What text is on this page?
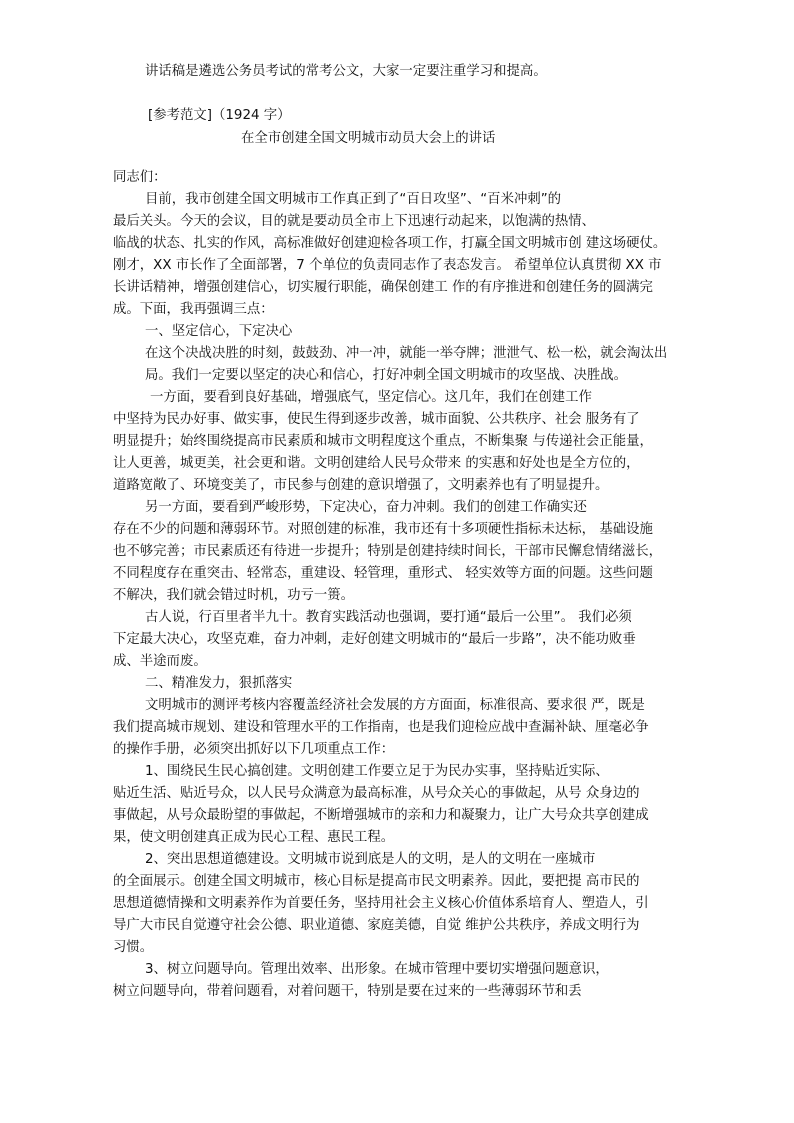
讲话稿是遴选公务员考试的常考公文，大家一定要注重学习和提高。
[参考范文]（1924 字）
在全市创建全国文明城市动员大会上的讲话
同志们：
目前，我市创建全国文明城市工作真正到了“百日攻坚”、“百米冲刺”的
最后关头。今天的会议，目的就是要动员全市上下迅速行动起来，以饱满的热情、
临战的状态、扎实的作风，高标准做好创建迎检各项工作，打赢全国文明城市创 建这场硬仗。
刚才，XX 市长作了全面部署，7 个单位的负责同志作了表态发言。 希望单位认真贯彻 XX 市
长讲话精神，增强创建信心，切实履行职能，确保创建工 作的有序推进和创建任务的圆满完
成。下面，我再强调三点：
一、坚定信心，下定决心
在这个决战决胜的时刻，鼓鼓劲、冲一冲，就能一举夺牌；泄泄气、松一松，就会淘汰出
局。我们一定要以坚定的决心和信心，打好冲刺全国文明城市的攻坚战、决胜战。
一方面，要看到良好基础，增强底气，坚定信心。这几年，我们在创建工作
中坚持为民办好事、做实事，使民生得到逐步改善，城市面貌、公共秩序、社会 服务有了
明显提升；始终围绕提高市民素质和城市文明程度这个重点，不断集聚 与传递社会正能量，
让人更善，城更美，社会更和谐。文明创建给人民号众带来 的实惠和好处也是全方位的，
道路宽敞了、环境变美了，市民参与创建的意识增强了，文明素养也有了明显提升。
另一方面，要看到严峻形势，下定决心，奋力冲刺。我们的创建工作确实还
存在不少的问题和薄弱环节。对照创建的标准，我市还有十多项硬性指标未达标， 基础设施
也不够完善；市民素质还有待进一步提升；特别是创建持续时间长，干部市民懈怠情绪滋长，
不同程度存在重突击、轻常态，重建设、轻管理，重形式、 轻实效等方面的问题。这些问题
不解决，我们就会错过时机，功亏一篑。
古人说，行百里者半九十。教育实践活动也强调，要打通“最后一公里”。 我们必须
下定最大决心，攻坚克难，奋力冲刺，走好创建文明城市的“最后一步路”，决不能功败垂
成、半途而废。
二、精准发力，狠抓落实
文明城市的测评考核内容覆盖经济社会发展的方方面面，标准很高、要求很 严，既是
我们提高城市规划、建设和管理水平的工作指南，也是我们迎检应战中查漏补缺、厘毫必争
的操作手册，必须突出抓好以下几项重点工作：
1、围绕民生民心搞创建。文明创建工作要立足于为民办实事，坚持贴近实际、
贴近生活、贴近号众，以人民号众满意为最高标准，从号众关心的事做起，从号 众身边的
事做起，从号众最盼望的事做起，不断增强城市的亲和力和凝聚力，让广大号众共享创建成
果，使文明创建真正成为民心工程、惠民工程。
2、突出思想道德建设。文明城市说到底是人的文明，是人的文明在一座城市
的全面展示。创建全国文明城市，核心目标是提高市民文明素养。因此，要把提 高市民的
思想道德情操和文明素养作为首要任务，坚持用社会主义核心价值体系培育人、塑造人，引
导广大市民自觉遵守社会公德、职业道德、家庭美德，自觉 维护公共秩序，养成文明行为
习惯。
3、树立问题导向。管理出效率、出形象。在城市管理中要切实增强问题意识，
树立问题导向，带着问题看，对着问题干，特别是要在过来的一些薄弱环节和丢
